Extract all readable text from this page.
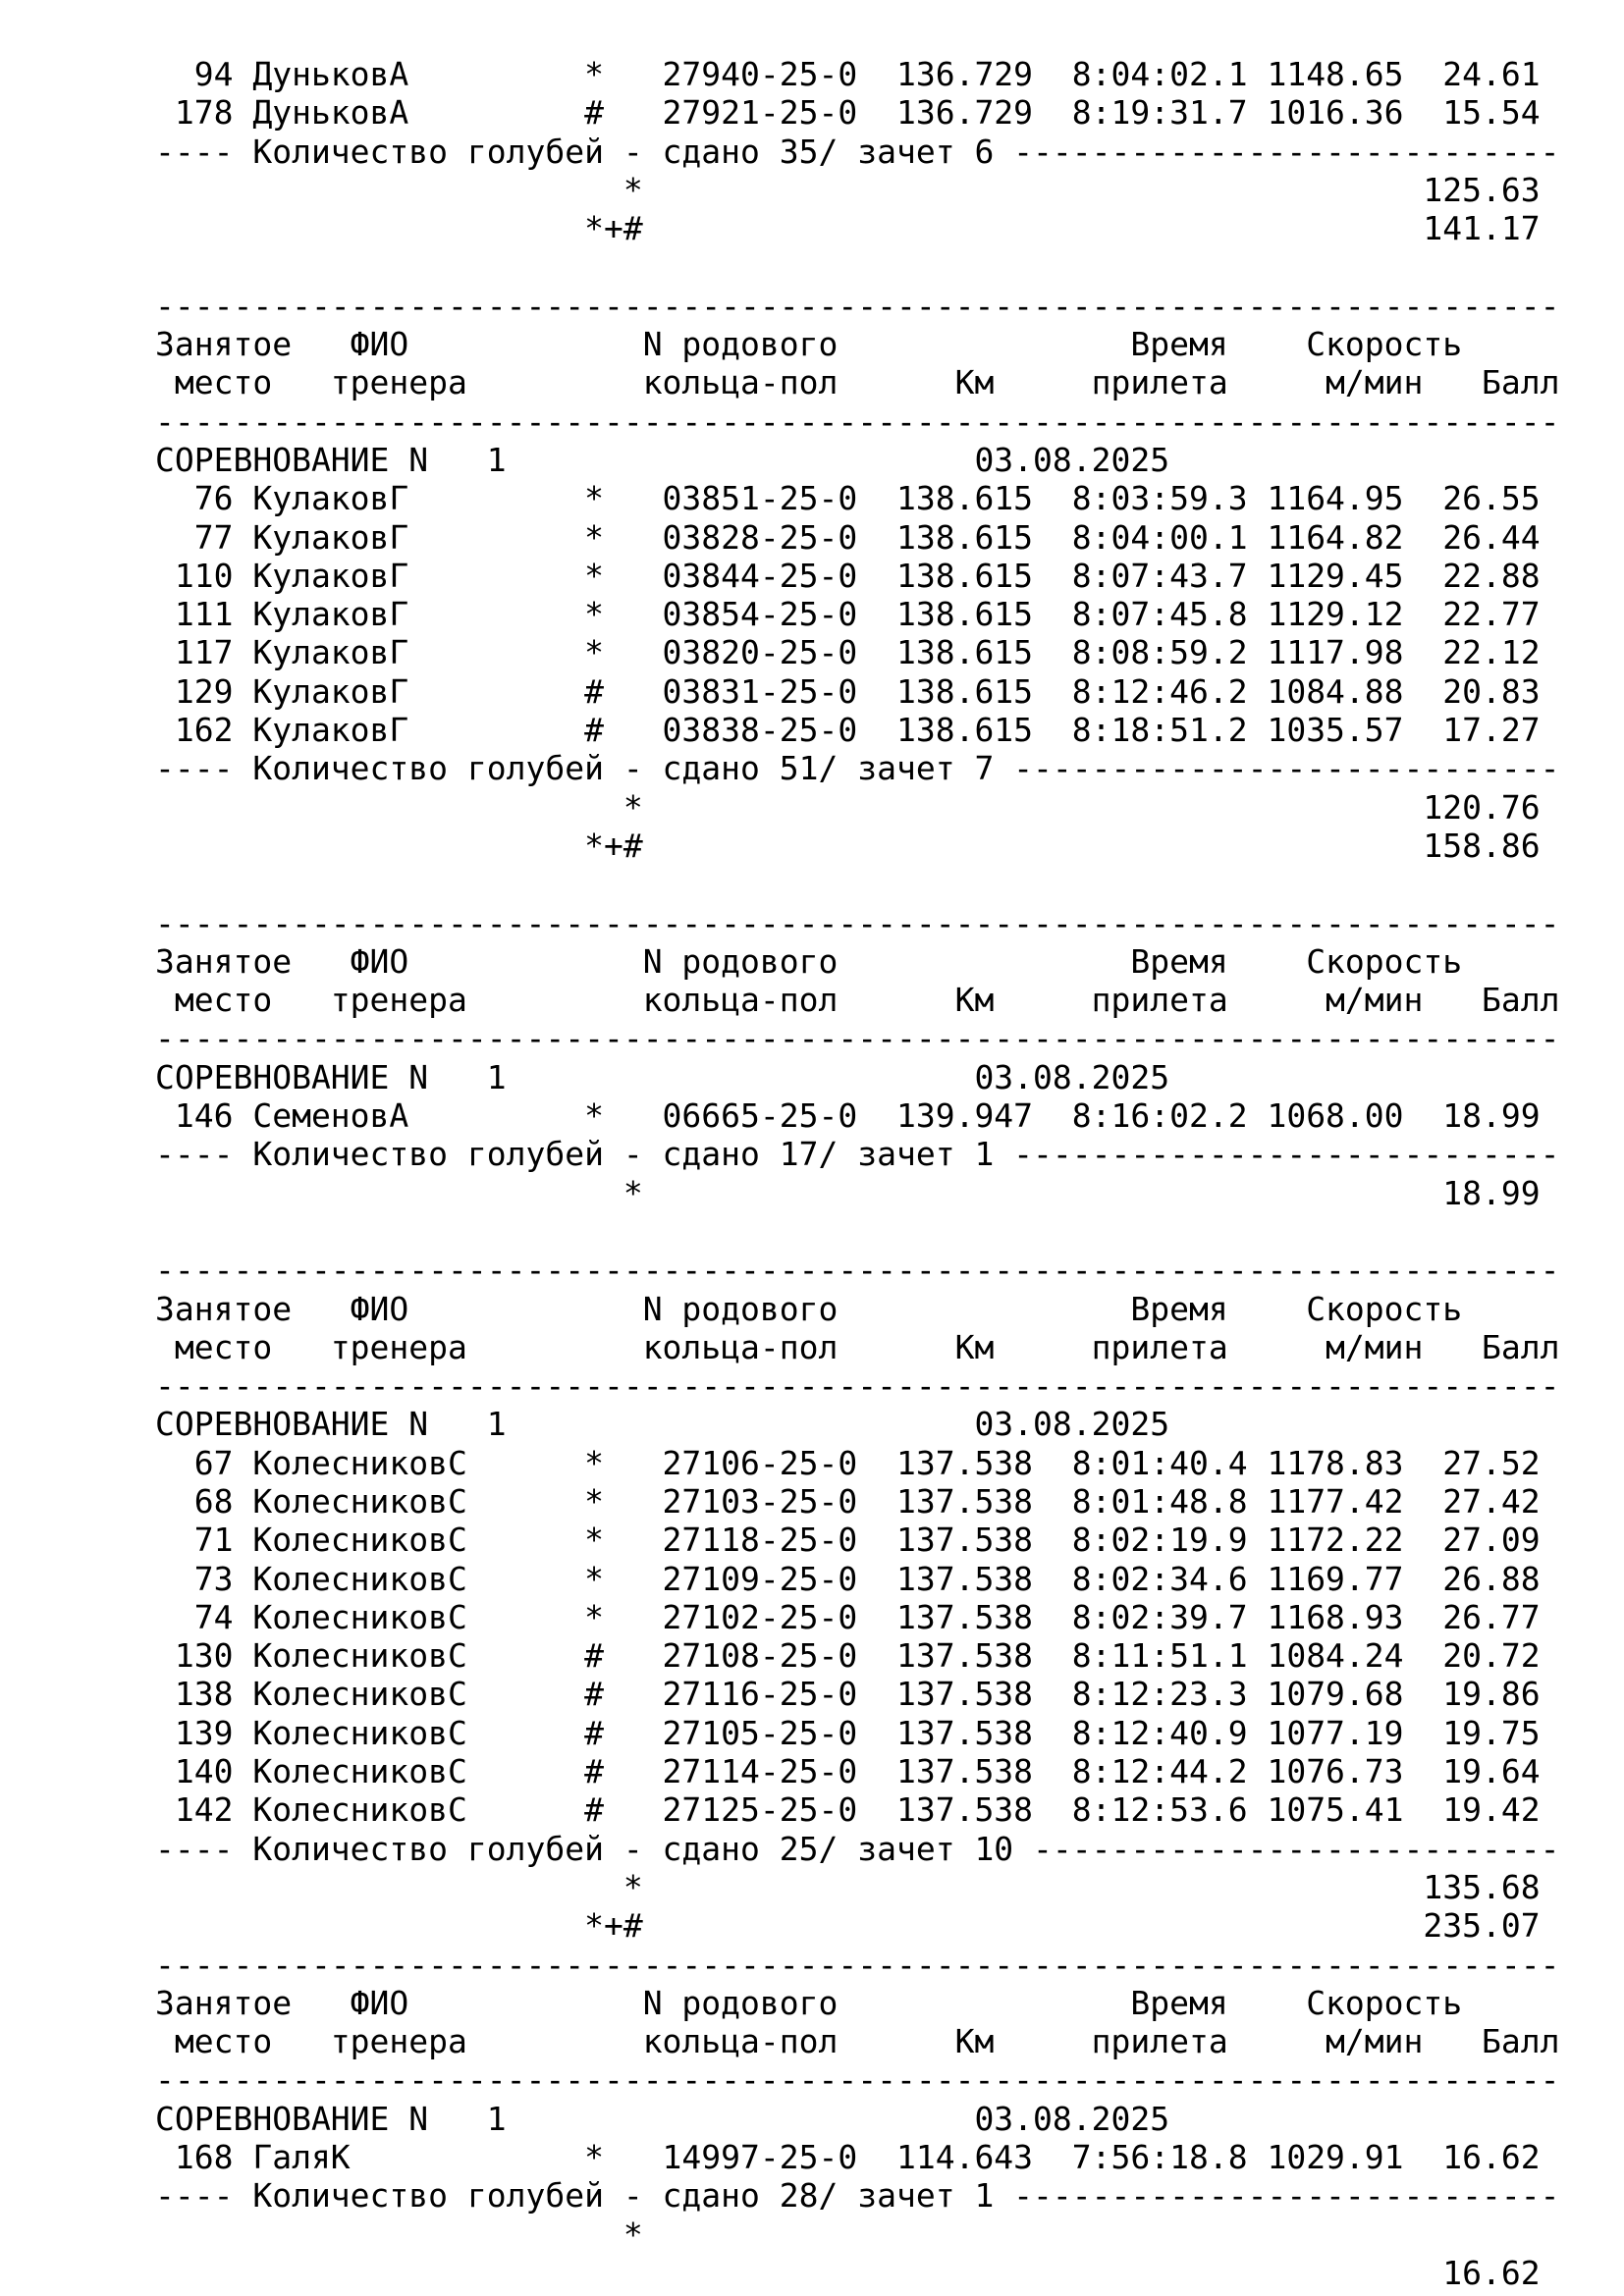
94 ДуньковА         *   27940-25-0  136.729  8:04:02.1 1148.65  24.61
178 ДуньковА         #   27921-25-0  136.729  8:19:31.7 1016.36  15.54
---- Количество голубей - сдано 35/ зачет 6 ----------------------------
*                                        125.63
*+#                                        141.17
------------------------------------------------------------------------
Занятое   ФИО            N родового               Время    Скорость
место   тренера         кольца-пол      Км     прилета     м/мин   Балл
------------------------------------------------------------------------
СОРЕВНОВАНИЕ N   1                        03.08.2025
76 КулаковГ         *   03851-25-0  138.615  8:03:59.3 1164.95  26.55
77 КулаковГ         *   03828-25-0  138.615  8:04:00.1 1164.82  26.44
110 КулаковГ         *   03844-25-0  138.615  8:07:43.7 1129.45  22.88
111 КулаковГ         *   03854-25-0  138.615  8:07:45.8 1129.12  22.77
117 КулаковГ         *   03820-25-0  138.615  8:08:59.2 1117.98  22.12
129 КулаковГ         #   03831-25-0  138.615  8:12:46.2 1084.88  20.83
162 КулаковГ         #   03838-25-0  138.615  8:18:51.2 1035.57  17.27
---- Количество голубей - сдано 51/ зачет 7 ----------------------------
*                                        120.76
*+#                                        158.86
------------------------------------------------------------------------
Занятое   ФИО            N родового               Время    Скорость
место   тренера         кольца-пол      Км     прилета     м/мин   Балл
------------------------------------------------------------------------
СОРЕВНОВАНИЕ N   1                        03.08.2025
146 СеменовА         *   06665-25-0  139.947  8:16:02.2 1068.00  18.99
---- Количество голубей - сдано 17/ зачет 1 ----------------------------
*                                         18.99
------------------------------------------------------------------------
Занятое   ФИО            N родового               Время    Скорость
место   тренера         кольца-пол      Км     прилета     м/мин   Балл
------------------------------------------------------------------------
СОРЕВНОВАНИЕ N   1                        03.08.2025
67 КолесниковС      *   27106-25-0  137.538  8:01:40.4 1178.83  27.52
68 КолесниковС      *   27103-25-0  137.538  8:01:48.8 1177.42  27.42
71 КолесниковС      *   27118-25-0  137.538  8:02:19.9 1172.22  27.09
73 КолесниковС      *   27109-25-0  137.538  8:02:34.6 1169.77  26.88
74 КолесниковС      *   27102-25-0  137.538  8:02:39.7 1168.93  26.77
130 КолесниковС      #   27108-25-0  137.538  8:11:51.1 1084.24  20.72
138 КолесниковС      #   27116-25-0  137.538  8:12:23.3 1079.68  19.86
139 КолесниковС      #   27105-25-0  137.538  8:12:40.9 1077.19  19.75
140 КолесниковС      #   27114-25-0  137.538  8:12:44.2 1076.73  19.64
142 КолесниковС      #   27125-25-0  137.538  8:12:53.6 1075.41  19.42
---- Количество голубей - сдано 25/ зачет 10 ---------------------------
*                                        135.68
*+#                                        235.07
------------------------------------------------------------------------
Занятое   ФИО            N родового               Время    Скорость
место   тренера         кольца-пол      Км     прилета     м/мин   Балл
------------------------------------------------------------------------
СОРЕВНОВАНИЕ N   1                        03.08.2025
168 ГаляК            *   14997-25-0  114.643  7:56:18.8 1029.91  16.62
---- Количество голубей - сдано 28/ зачет 1 ----------------------------
*
16.62
